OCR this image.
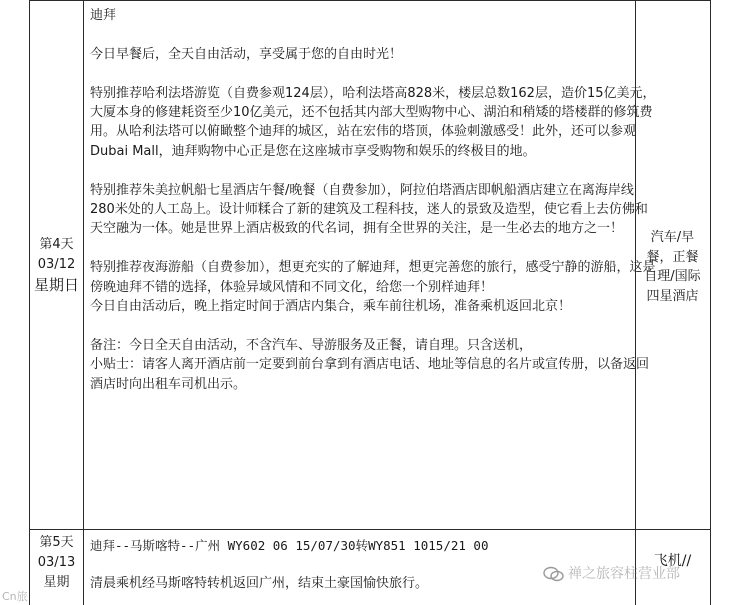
第4天
03/12
星期日

迪拜

今日早餐后，全天自由活动，享受属于您的自由时光！

特别推荐哈利法塔游览（自费参观124层），哈利法塔高828米，楼层总数162层，造价15亿美元，大厦本身的修建耗资至少10亿美元，还不包括其内部大型购物中心、湖泊和稍矮的塔楼群的修筑费用。从哈利法塔可以俯瞰整个迪拜的城区，站在宏伟的塔顶，体验刺激感受！此外，还可以参观Dubai Mall，迪拜购物中心正是您在这座城市享受购物和娱乐的终极目的地。

特别推荐朱美拉帆船七星酒店午餐/晚餐（自费参加），阿拉伯塔酒店即帆船酒店建立在离海岸线280米处的人工岛上。设计师糅合了新的建筑及工程科技，迷人的景致及造型，使它看上去仿佛和天空融为一体。她是世界上酒店极致的代名词，拥有全世界的关注，是一生必去的地方之一！

特别推荐夜海游船（自费参加），想更充实的了解迪拜，想更完善您的旅行，感受宁静的游船，这是傍晚迪拜不错的选择，体验异域风情和不同文化，给您一个别样迪拜！

今日自由活动后，晚上指定时间于酒店内集合，乘车前往机场，准备乘机返回北京！

备注：今日全天自由活动，不含汽车、导游服务及正餐，请自理。只含送机，

小贴士：请客人离开酒店前一定要到前台拿到有酒店电话、地址等信息的名片或宣传册，以备返回酒店时向出租车司机出示。

汽车/早
餐，正餐
自理/国际
四星酒店
第5天
03/13
星期
迪拜--马斯喀特--广州 WY602 06 15/07/30转WY851 1015/21 00
清晨乘机经马斯喀特转机返回广州，结束土豪国愉快旅行。
飞机//
禅之旅容柱营业部
Cn旅
